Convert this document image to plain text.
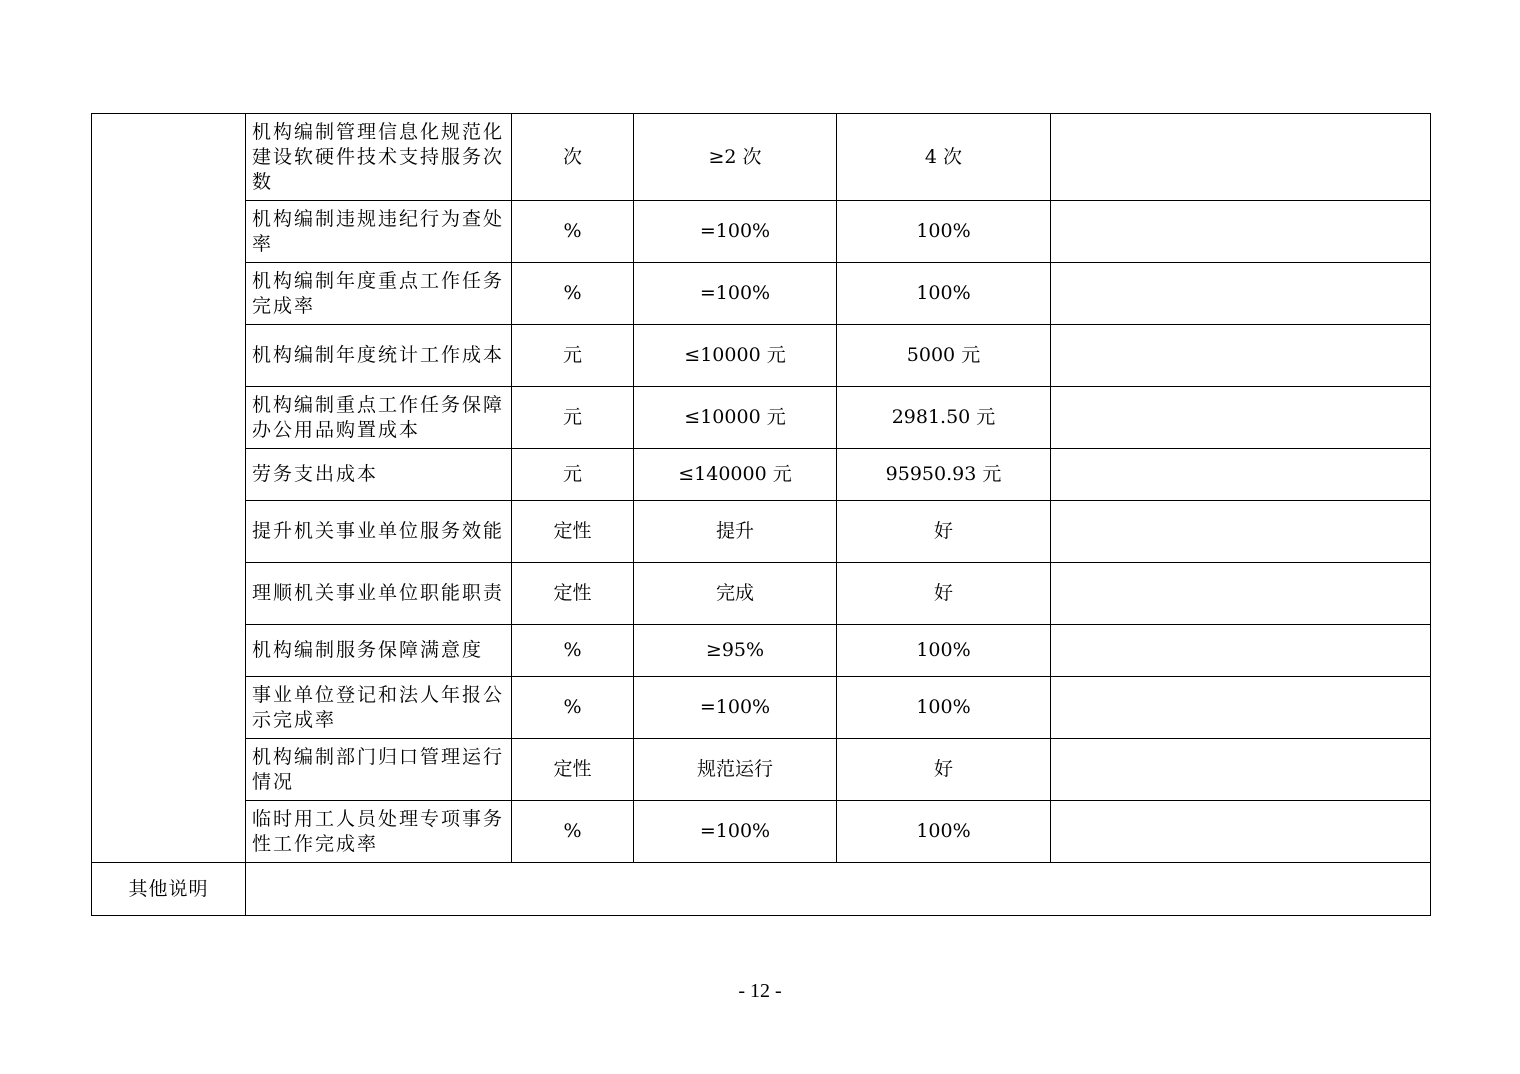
	机构编制管理信息化规范化建设软硬件技术支持服务次数	次	≥2 次	4 次	
	机构编制违规违纪行为查处率	%	=100%	100%	
	机构编制年度重点工作任务完成率	%	=100%	100%	
	机构编制年度统计工作成本	元	≤10000 元	5000 元	
	机构编制重点工作任务保障办公用品购置成本	元	≤10000 元	2981.50 元	
	劳务支出成本	元	≤140000 元	95950.93 元	
	提升机关事业单位服务效能	定性	提升	好	
	理顺机关事业单位职能职责	定性	完成	好	
	机构编制服务保障满意度	%	≥95%	100%	
	事业单位登记和法人年报公示完成率	%	=100%	100%	
	机构编制部门归口管理运行情况	定性	规范运行	好	
	临时用工人员处理专项事务性工作完成率	%	=100%	100%	
其他说明					
- 12 -
